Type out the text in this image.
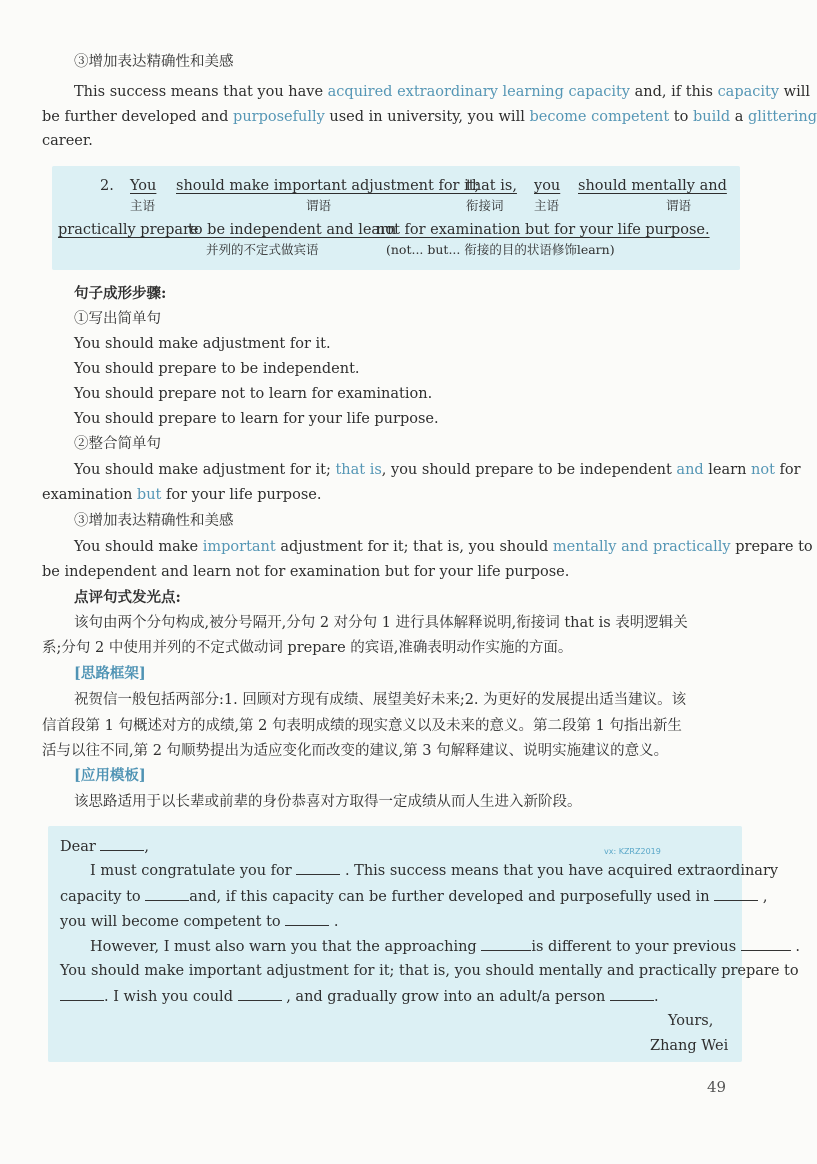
③增加表达精确性和美感
This success means that you have acquired extraordinary learning capacity and, if this capacity will
be further developed and purposefully used in university, you will become competent to build a glittering
career.
2. You should make important adjustment for it;
that is, you should mentally and
主语	谓语	衔接词 主语	谓语
practically prepare
to be independent and learn
not for examination but for your life purpose.
并列的不定式做宾语	(not... but... 衔接的目的状语修饰learn)
句子成形步骤:
①写出简单句
You should make adjustment for it.
You should prepare to be independent.
You should prepare not to learn for examination.
You should prepare to learn for your life purpose.
②整合简单句
You should make adjustment for it; that is, you should prepare to be independent and learn not for
examination but for your life purpose.
③增加表达精确性和美感
You should make important adjustment for it; that is, you should mentally and practically prepare to
be independent and learn not for examination but for your life purpose.
点评句式发光点:
该句由两个分句构成,被分号隔开,分句 2 对分句 1 进行具体解释说明,衔接词 that is 表明逻辑关
系;分句 2 中使用并列的不定式做动词 prepare 的宾语,准确表明动作实施的方面。
[思路框架]
祝贺信一般包括两部分:1. 回顾对方现有成绩、展望美好未来;2. 为更好的发展提出适当建议。该
信首段第 1 句概述对方的成绩,第 2 句表明成绩的现实意义以及未来的意义。第二段第 1 句指出新生
活与以往不同,第 2 句顺势提出为适应变化而改变的建议,第 3 句解释建议、说明实施建议的意义。
[应用模板]
该思路适用于以长辈或前辈的身份恭喜对方取得一定成绩从而人生进入新阶段。
Dear	,	vx: KZRZ2019
I must congratulate you for	. This success means that you have acquired extraordinary
capacity to	and, if this capacity can be further developed and purposefully used in	,
you will become competent to	.
However, I must also warn you that the approaching	is different to your previous	.
You should make important adjustment for it; that is, you should mentally and practically prepare to
. I wish you could	, and gradually grow into an adult/a person	.
Yours,
Zhang Wei
49
